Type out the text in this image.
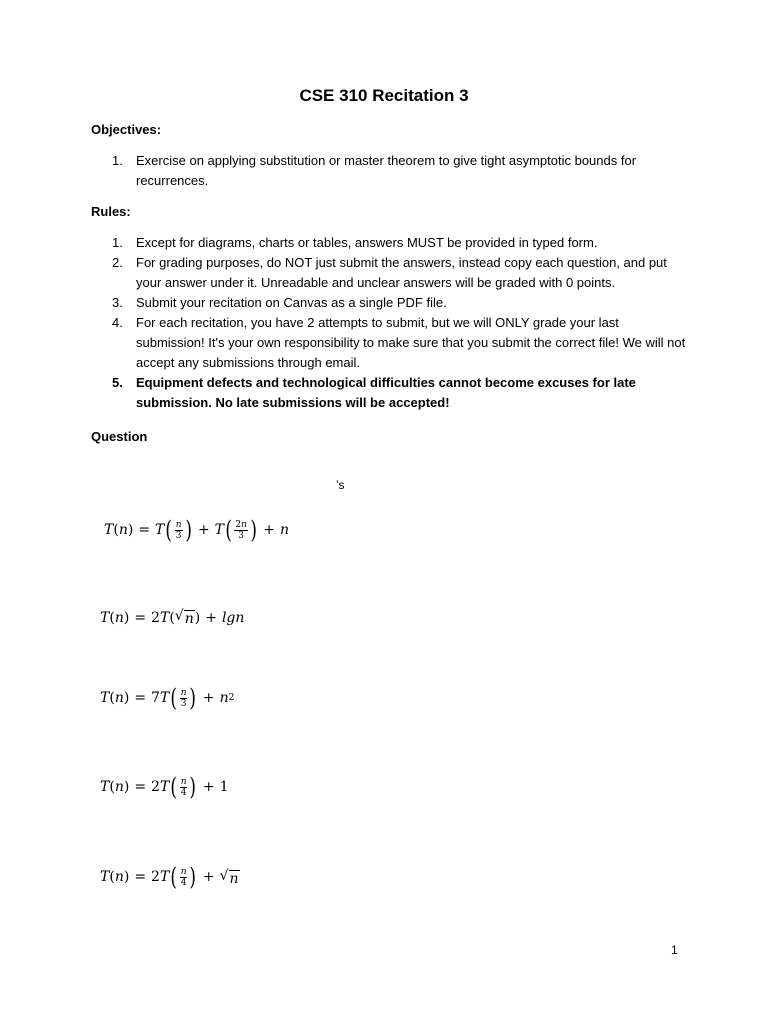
CSE 310 Recitation 3
Objectives:
1. Exercise on applying substitution or master theorem to give tight asymptotic bounds for recurrences.
Rules:
1. Except for diagrams, charts or tables, answers MUST be provided in typed form.
2. For grading purposes, do NOT just submit the answers, instead copy each question, and put your answer under it. Unreadable and unclear answers will be graded with 0 points.
3. Submit your recitation on Canvas as a single PDF file.
4. For each recitation, you have 2 attempts to submit, but we will ONLY grade your last submission! It's your own responsibility to make sure that you submit the correct file! We will not accept any submissions through email.
5. Equipment defects and technological difficulties cannot become excuses for late submission. No late submissions will be accepted!
Question
’s
T ( n ) = T ( $\frac{n}{3}$ ) + T ( $\frac{2n}{3}$ ) + n
T ( n ) = 2 T ( √ n ) + lgn
T ( n ) = 7 T ( $\frac{n}{3}$ ) + n 2
T ( n ) = 2 T ( $\frac{n}{4}$ ) + 1
T ( n ) = 2 T ( $\frac{n}{4}$ ) + √ n
1
